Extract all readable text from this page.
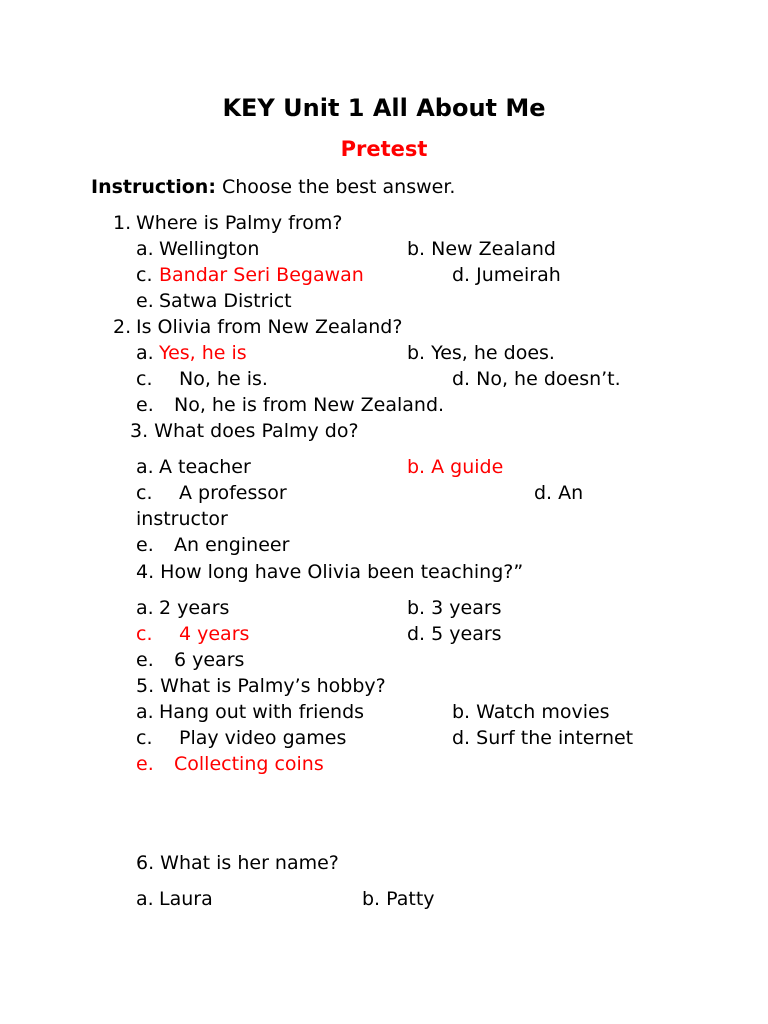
KEY Unit 1 All About Me
Pretest
Instruction: Choose the best answer.
1. Where is Palmy from?
a. Wellington	b. New Zealand
c. Bandar Seri Begawan	d. Jumeirah
e. Satwa District
2. Is Olivia from New Zealand?
a. Yes, he is	b. Yes, he does.
c. No, he is.	d. No, he doesn’t.
e. No, he is from New Zealand.
3. What does Palmy do?
a. A teacher	b. A guide
c. A professor	d. An
instructor
e. An engineer
4. How long have Olivia been teaching?”
a. 2 years	b. 3 years
c. 4 years	d. 5 years
e. 6 years
5. What is Palmy’s hobby?
a. Hang out with friends	b. Watch movies
c. Play video games	d. Surf the internet
e. Collecting coins
6. What is her name?
a. Laura	b. Patty
